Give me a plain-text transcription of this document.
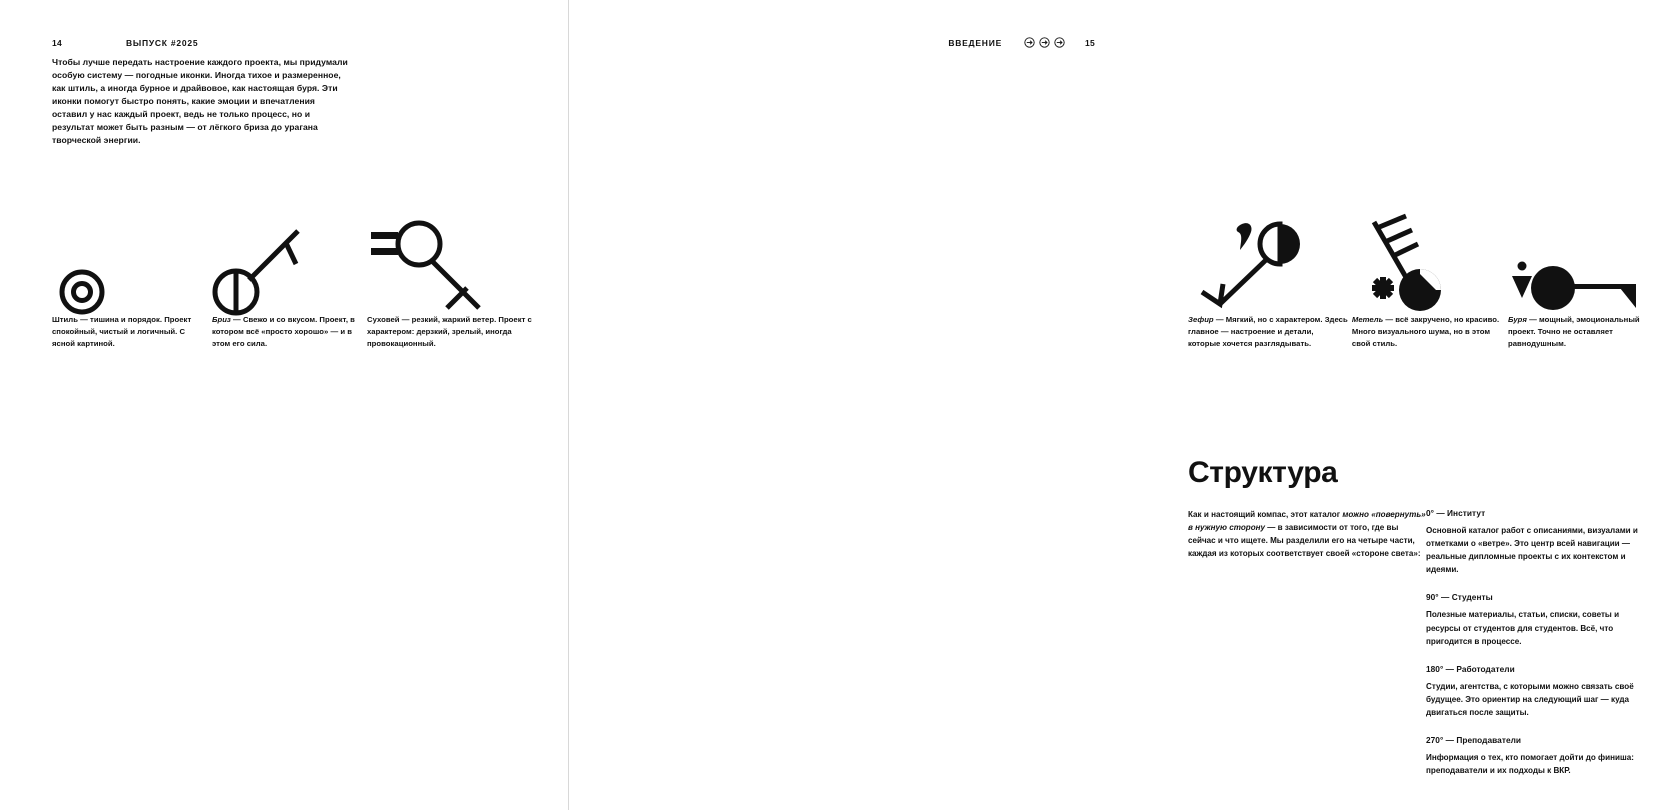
14	ВЫПУСК #2025

Чтобы лучше передать настроение каждого проекта, мы придумали особую систему — погодные иконки. Иногда тихое и размеренное, как штиль, а иногда бурное и драйвовое, как настоящая буря. Эти иконки помогут быстро понять, какие эмоции и впечатления оставил у нас каждый проект, ведь не только процесс, но и результат может быть разным — от лёгкого бриза до урагана творческой энергии.

Штиль — тишина и порядок. Проект спокойный, чистый и логичный. С ясной картиной.
Бриз — Свежо и со вкусом. Проект, в котором всё «просто хорошо» — и в этом его сила.
Суховей — резкий, жаркий ветер. Проект с характером: дерзкий, зрелый, иногда провокационный.
ВВЕДЕНИЕ	15
Зефир — Мягкий, но с характером. Здесь главное — настроение и детали, которые хочется разглядывать.
Метель — всё закручено, но красиво. Много визуального шума, но в этом свой стиль.
Буря — мощный, эмоциональный проект. Точно не оставляет равнодушным.
Структура
Как и настоящий компас, этот каталог можно «повернуть» в нужную сторону — в зависимости от того, где вы сейчас и что ищете. Мы разделили его на четыре части, каждая из которых соответствует своей «стороне света»:
0° — Институт
Основной каталог работ с описаниями, визуалами и отметками о «ветре». Это центр всей навигации — реальные дипломные проекты с их контекстом и идеями.
90° — Студенты
Полезные материалы, статьи, списки, советы и ресурсы от студентов для студентов. Всё, что пригодится в процессе.
180° — Работодатели
Студии, агентства, с которыми можно связать своё будущее. Это ориентир на следующий шаг — куда двигаться после защиты.
270° — Преподаватели
Информация о тех, кто помогает дойти до финиша: преподаватели и их подходы к ВКР.
